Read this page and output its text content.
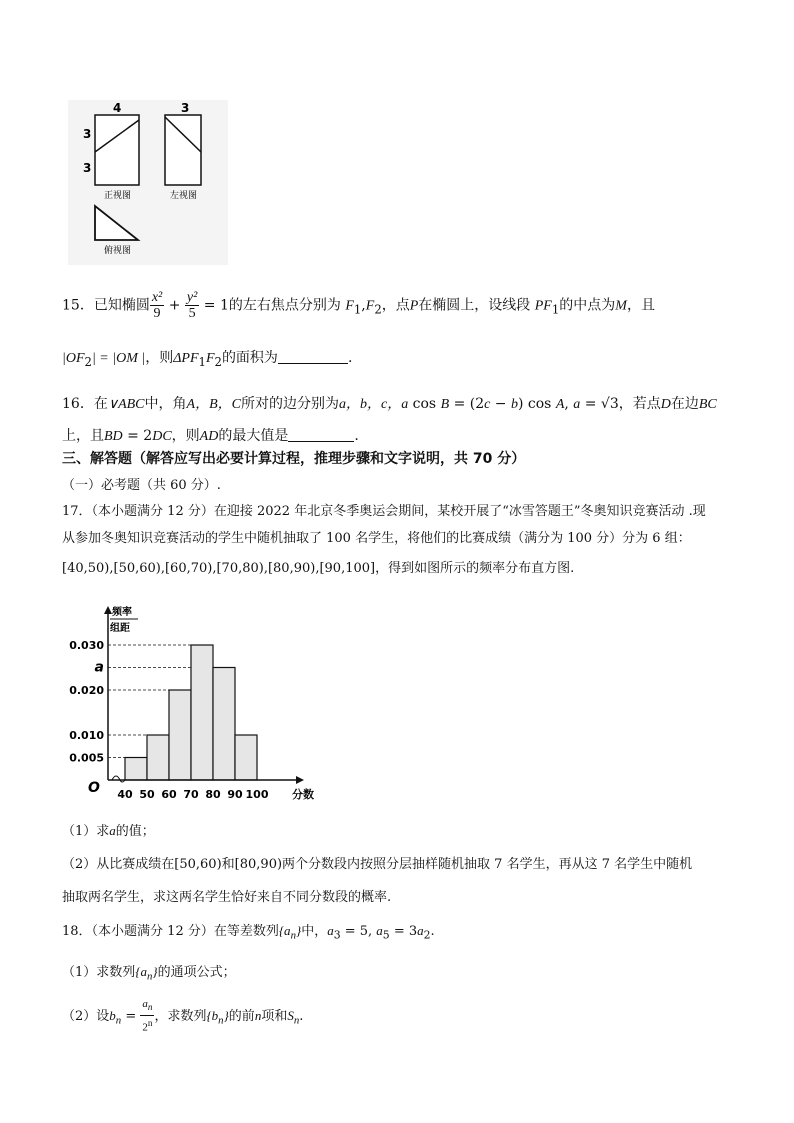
4
3
3
正视图
3
左视图
俯视图
15．已知椭圆 $\frac{\text{x²}}{9} + \frac{\text{y²}}{5} = 1$的左右焦点分别为 $F_1,F_2$，点P在椭圆上，设线段 $PF_1$的中点为M，且
$|OF_2| = |OM$ |，则$\Delta PF_1F_2$的面积为	.
16．在∨ABC中，角A，B，C所对的边分别为a，b，c，a cos B = (2c − b) cos A, a = √3，若点D在边BC
上，且BD = 2DC，则AD的最大值是	.
三、解答题（解答应写出必要计算过程，推理步骤和文字说明，共 70 分）
（一）必考题（共 60 分）.
17．（本小题满分 12 分）在迎接 2022 年北京冬季奥运会期间，某校开展了“冰雪答题王”冬奥知识竞赛活动 .现
从参加冬奥知识竞赛活动的学生中随机抽取了 100 名学生，将他们的比赛成绩（满分为 100 分）分为 6 组：
[40,50),[50,60),[60,70),[70,80),[80,90),[90,100]，得到如图所示的频率分布直方图.
0.005
0.010
0.020
a
0.030
40 50 60 70 80 90 100 分数
O
频率
组距
（1）求a的值；
（2）从比赛成绩在[50,60)和[80,90)两个分数段内按照分层抽样随机抽取 7 名学生，再从这 7 名学生中随机
抽取两名学生，求这两名学生恰好来自不同分数段的概率.
18．（本小题满分 12 分）在等差数列$\{a_n\}$中，$a_3 = 5$, $a_5 = 3a_2$.
（1）求数列$\{a_n\}$的通项公式；
（2）设$b_n = \frac{a_n}{2^n}$ ，求数列$\{b_n\}$的前n项和$S_n$.
